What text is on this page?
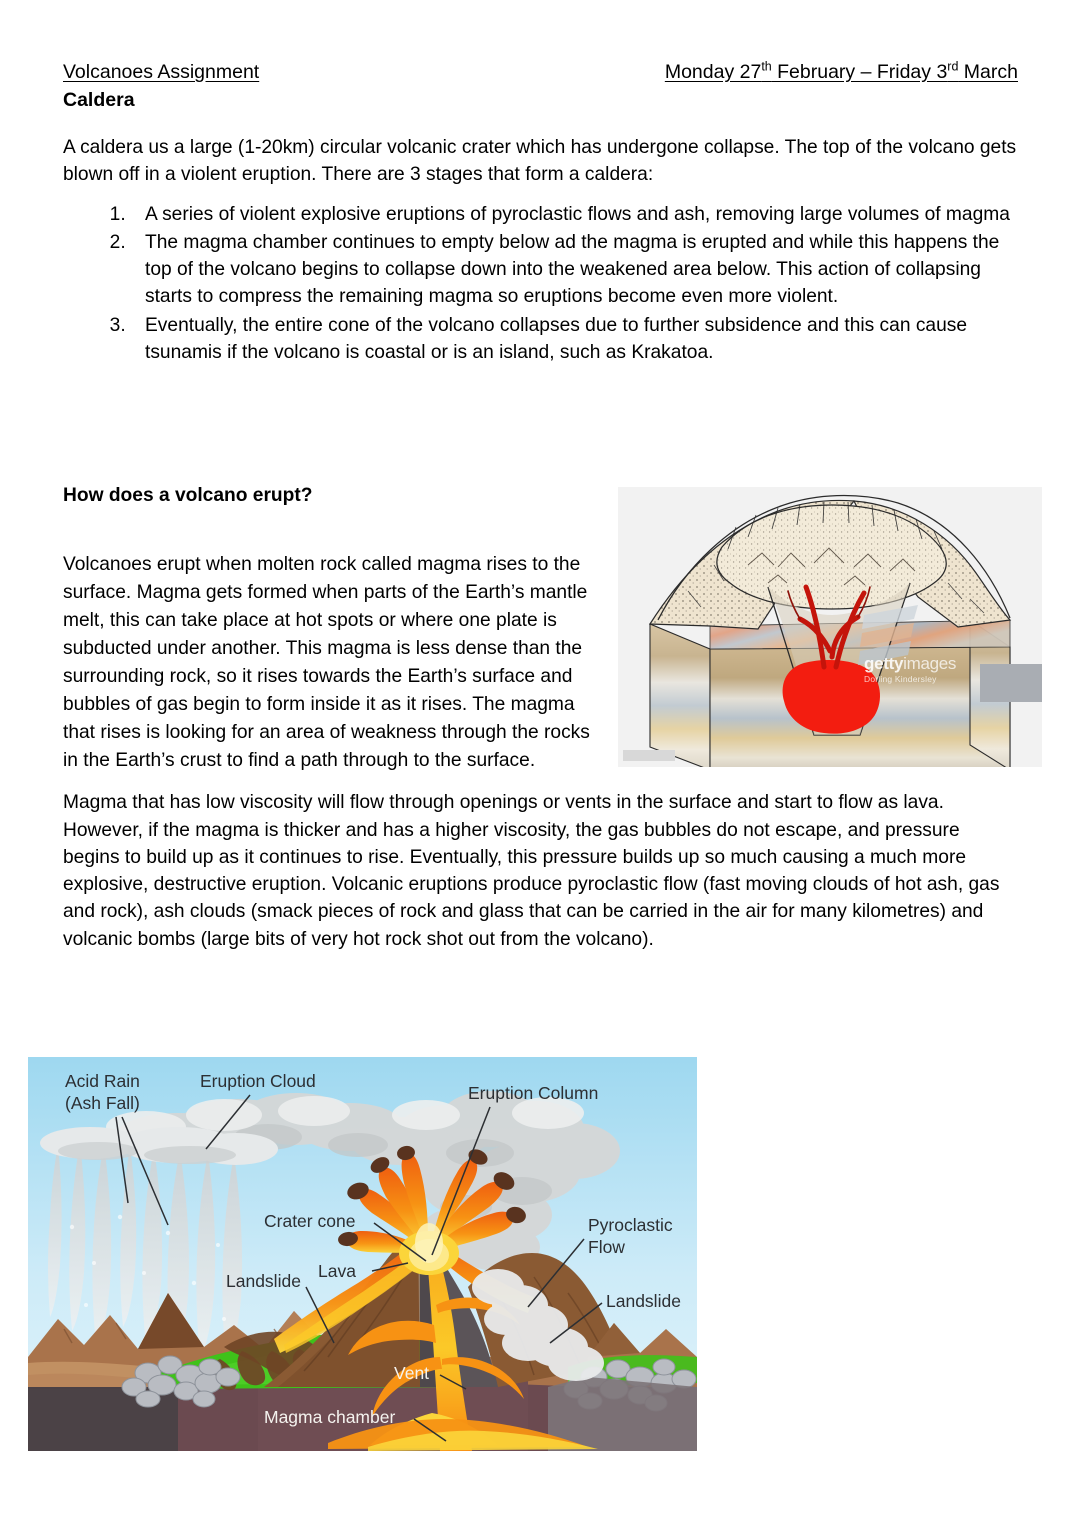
Volcanoes Assignment	Monday 27th February – Friday 3rd March
Caldera
A caldera us a large (1-20km) circular volcanic crater which has undergone collapse. The top of the volcano gets blown off in a violent eruption. There are 3 stages that form a caldera:
1. A series of violent explosive eruptions of pyroclastic flows and ash, removing large volumes of magma
2. The magma chamber continues to empty below ad the magma is erupted and while this happens the top of the volcano begins to collapse down into the weakened area below. This action of collapsing starts to compress the remaining magma so eruptions become even more violent.
3. Eventually, the entire cone of the volcano collapses due to further subsidence and this can cause tsunamis if the volcano is coastal or is an island, such as Krakatoa.
How does a volcano erupt?
Volcanoes erupt when molten rock called magma rises to the surface. Magma gets formed when parts of the Earth’s mantle melt, this can take place at hot spots or where one plate is subducted under another. This magma is less dense than the surrounding rock, so it rises towards the Earth’s surface and bubbles of gas begin to form inside it as it rises. The magma that rises is looking for an area of weakness through the rocks in the Earth’s crust to find a path through to the surface.
gettyimages
Dorling Kindersley
Magma that has low viscosity will flow through openings or vents in the surface and start to flow as lava. However, if the magma is thicker and has a higher viscosity, the gas bubbles do not escape, and pressure begins to build up as it continues to rise. Eventually, this pressure builds up so much causing a much more explosive, destructive eruption. Volcanic eruptions produce pyroclastic flow (fast moving clouds of hot ash, gas and rock), ash clouds (smack pieces of rock and glass that can be carried in the air for many kilometres) and volcanic bombs (large bits of very hot rock shot out from the volcano).
Acid Rain
(Ash Fall)
Eruption Cloud
Eruption Column
Crater cone
Lava
Landslide
Pyroclastic
Flow
Landslide
Vent
Magma chamber
